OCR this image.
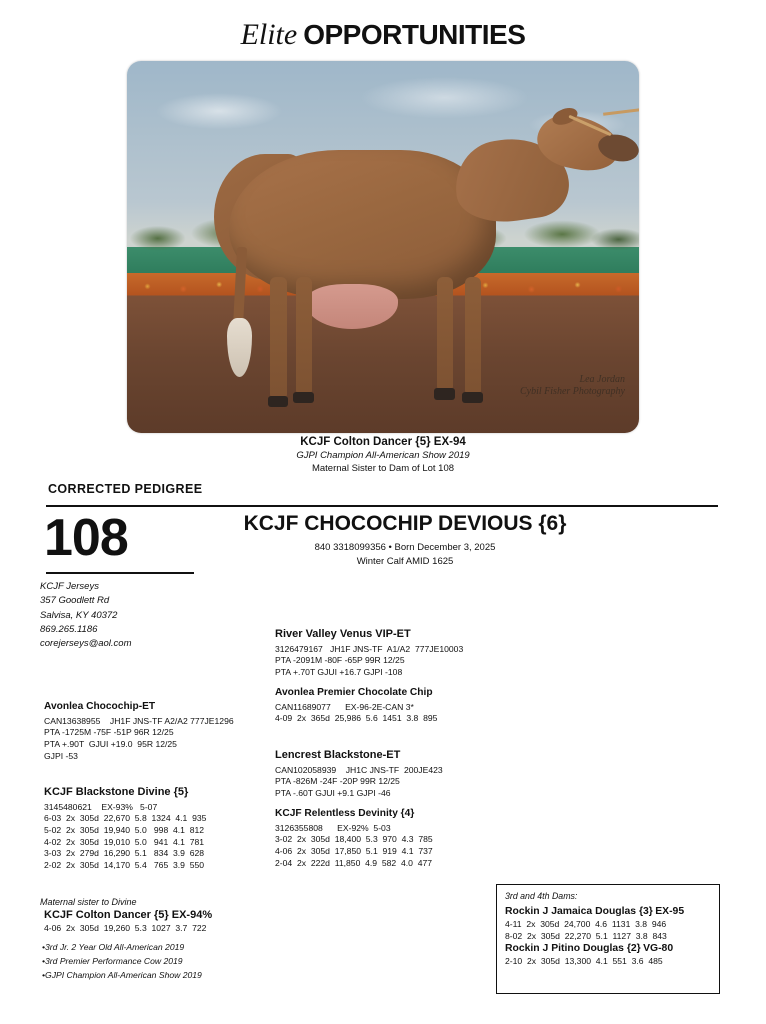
Elite OPPORTUNITIES
Lea Jordan
Cybil Fisher Photography
KCJF Colton Dancer {5} EX-94
GJPI Champion All-American Show 2019
Maternal Sister to Dam of Lot 108
CORRECTED PEDIGREE
108	KCJF CHOCOCHIP DEVIOUS {6}
840 3318099356 • Born December 3, 2025
Winter Calf AMID 1625
KCJF Jerseys
357 Goodlett Rd
Salvisa, KY 40372
869.265.1186
corejerseys@aol.com
River Valley Venus VIP-ET
3126479167   JH1F JNS-TF  A1/A2  777JE10003
PTA -2091M -80F -65P 99R 12/25
PTA +.70T GJUI +16.7 GJPI -108
Avonlea Premier Chocolate Chip
CAN11689077      EX-96-2E-CAN 3*
4-09  2x  365d  25,986  5.6  1451  3.8  895
Lencrest Blackstone-ET
CAN102058939    JH1C JNS-TF  200JE423
PTA -826M -24F -20P 99R 12/25
PTA -.60T GJUI +9.1 GJPI -46
KCJF Relentless Devinity {4}
3126355808      EX-92%  5-03
3-02  2x  305d  18,400  5.3  970  4.3  785
4-06  2x  305d  17,850  5.1  919  4.1  737
2-04  2x  222d  11,850  4.9  582  4.0  477
Avonlea Chocochip-ET
CAN13638955    JH1F JNS-TF A2/A2 777JE1296
PTA -1725M -75F -51P 96R 12/25
PTA +.90T  GJUI +19.0  95R 12/25
GJPI -53
KCJF Blackstone Divine {5}
3145480621    EX-93%   5-07
6-03  2x  305d  22,670  5.8  1324  4.1  935
5-02  2x  305d  19,940  5.0   998  4.1  812
4-02  2x  305d  19,010  5.0   941  4.1  781
3-03  2x  279d  16,290  5.1   834  3.9  628
2-02  2x  305d  14,170  5.4   765  3.9  550
Maternal sister to Divine
KCJF Colton Dancer {5} EX-94%
4-06  2x  305d  19,260  5.3  1027  3.7  722
•3rd Jr. 2 Year Old All-American 2019
•3rd Premier Performance Cow 2019
•GJPI Champion All-American Show 2019
3rd and 4th Dams:
Rockin J Jamaica Douglas {3} EX-95
4-11  2x  305d  24,700  4.6  1131  3.8  946
8-02  2x  305d  22,270  5.1  1127  3.8  843
Rockin J Pitino Douglas {2} VG-80
2-10  2x  305d  13,300  4.1  551  3.6  485
